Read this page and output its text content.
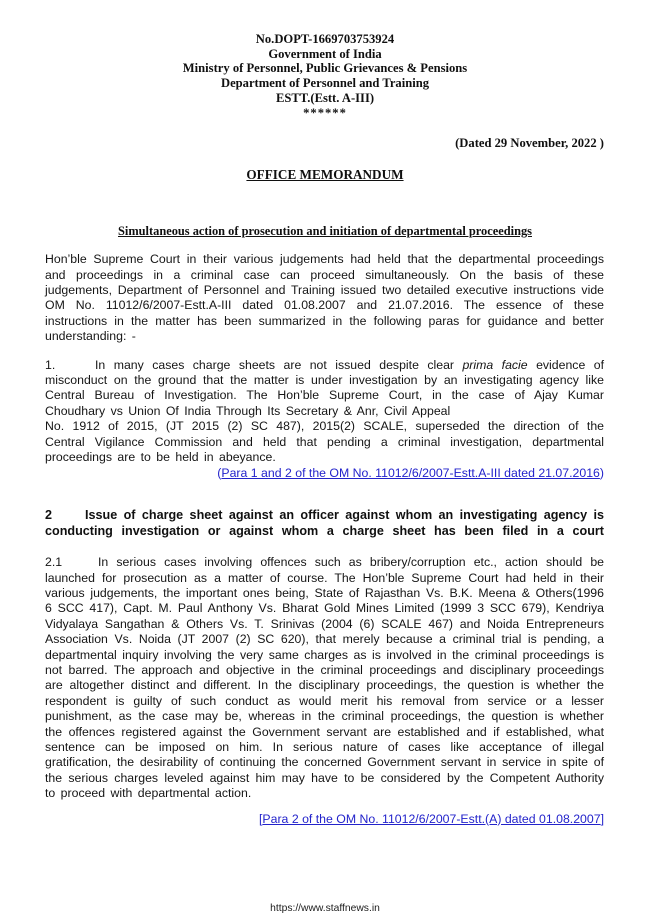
No.DOPT-1669703753924
Government of India
Ministry of Personnel, Public Grievances & Pensions
Department of Personnel and Training
ESTT.(Estt. A-III)
******
(Dated 29 November, 2022 )
OFFICE MEMORANDUM
Simultaneous action of prosecution and initiation of departmental proceedings

Hon’ble Supreme Court in their various judgements had held that the departmental proceedings and proceedings in a criminal case can proceed simultaneously. On the basis of these judgements, Department of Personnel and Training issued two detailed executive instructions vide OM No. 11012/6/2007-Estt.A-III dated 01.08.2007 and 21.07.2016. The essence of these instructions in the matter has been summarized in the following paras for guidance and better understanding: -

1.	In many cases charge sheets are not issued despite clear prima facie evidence of misconduct on the ground that the matter is under investigation by an investigating agency like Central Bureau of Investigation. The Hon’ble Supreme Court, in the case of Ajay Kumar Choudhary vs Union Of India Through Its Secretary & Anr, Civil Appeal
No. 1912 of 2015, (JT 2015 (2) SC 487), 2015(2) SCALE, superseded the direction of the Central Vigilance Commission and held that pending a criminal investigation, departmental proceedings are to be held in abeyance.

(Para 1 and 2 of the OM No. 11012/6/2007-Estt.A-III dated 21.07.2016)

2	Issue of charge sheet against an officer against whom an investigating agency is conducting investigation or against whom a charge sheet has been filed in a court

2.1	In serious cases involving offences such as bribery/corruption etc., action should be launched for prosecution as a matter of course. The Hon’ble Supreme Court had held in their various judgements, the important ones being, State of Rajasthan Vs. B.K. Meena & Others(1996 6 SCC 417), Capt. M. Paul Anthony Vs. Bharat Gold Mines Limited (1999 3 SCC 679), Kendriya Vidyalaya Sangathan & Others Vs. T. Srinivas (2004 (6) SCALE 467) and Noida Entrepreneurs Association Vs. Noida (JT 2007 (2) SC 620), that merely because a criminal trial is pending, a departmental inquiry involving the very same charges as is involved in the criminal proceedings is not barred. The approach and objective in the criminal proceedings and disciplinary proceedings are altogether distinct and different. In the disciplinary proceedings, the question is whether the respondent is guilty of such conduct as would merit his removal from service or a lesser punishment, as the case may be, whereas in the criminal proceedings, the question is whether the offences registered against the Government servant are established and if established, what sentence can be imposed on him. In serious nature of cases like acceptance of illegal gratification, the desirability of continuing the concerned Government servant in service in spite of the serious charges leveled against him may have to be considered by the Competent Authority to proceed with departmental action.

[Para 2 of the OM No. 11012/6/2007-Estt.(A) dated 01.08.2007]

https://www.staffnews.in
